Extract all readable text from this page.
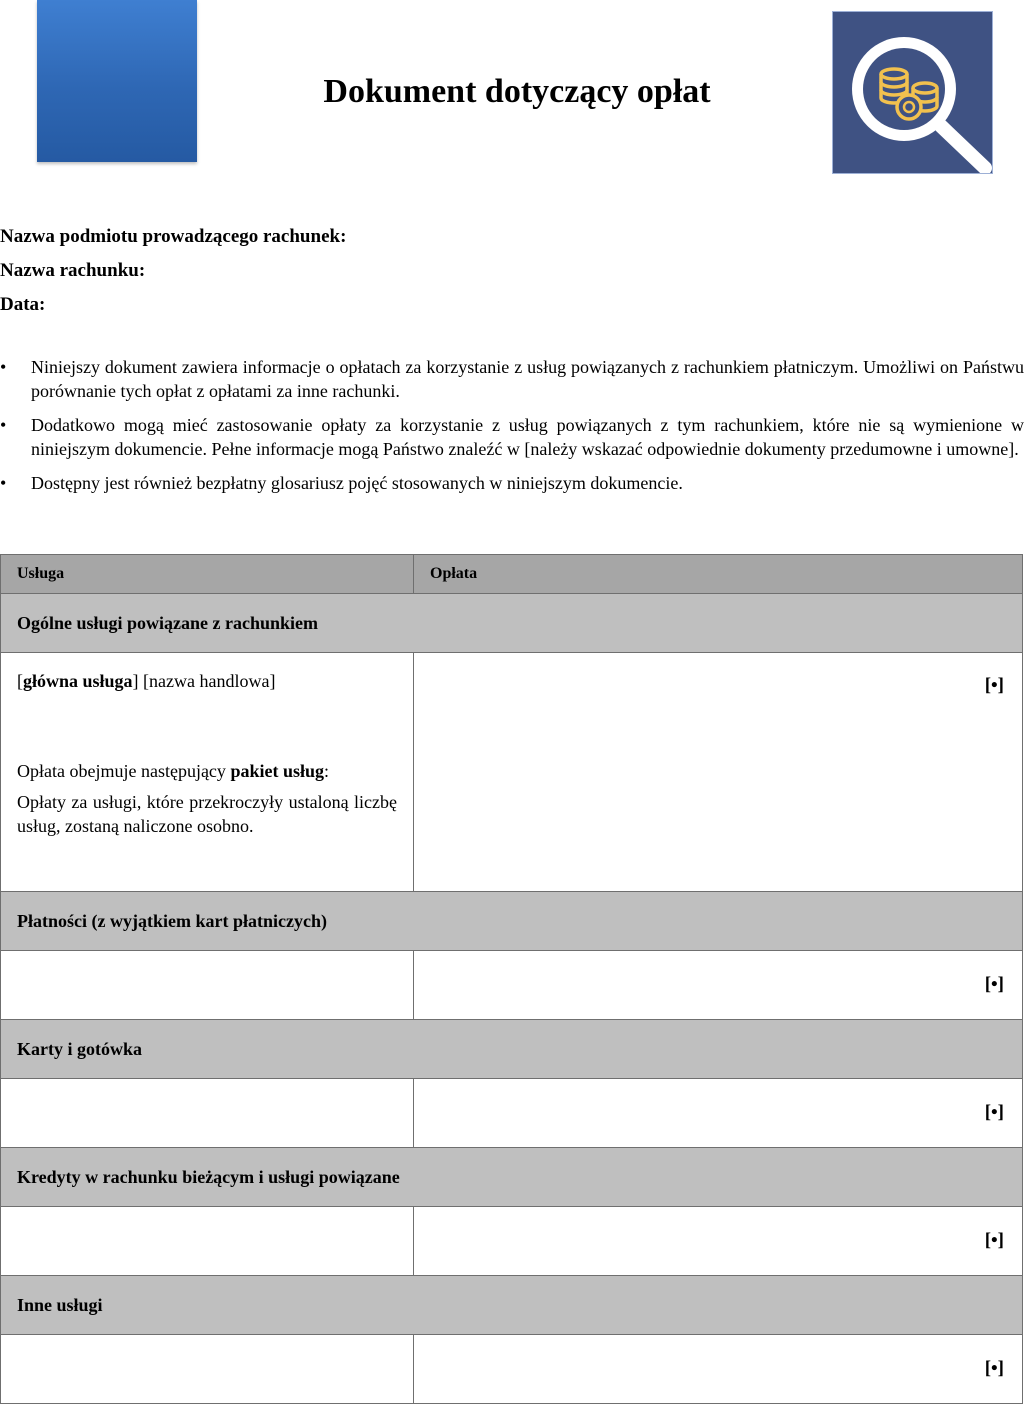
Dokument dotyczący opłat
Nazwa podmiotu prowadzącego rachunek:
Nazwa rachunku:
Data:
• Niniejszy dokument zawiera informacje o opłatach za korzystanie z usług powiązanych z rachunkiem płatniczym. Umożliwi on Państwu porównanie tych opłat z opłatami za inne rachunki.
• Dodatkowo mogą mieć zastosowanie opłaty za korzystanie z usług powiązanych z tym rachunkiem, które nie są wymienione w niniejszym dokumencie. Pełne informacje mogą Państwo znaleźć w [należy wskazać odpowiednie dokumenty przedumowne i umowne].
• Dostępny jest również bezpłatny glosariusz pojęć stosowanych w niniejszym dokumencie.
Usługa	Opłata
Ogólne usługi powiązane z rachunkiem	

[główna usługa] [nazwa handlowa]
Opłata obejmuje następujący pakiet usług:
Opłaty za usługi, które przekroczyły ustaloną liczbę usług, zostaną naliczone osobno.	[•]
Płatności (z wyjątkiem kart płatniczych)	
	[•]
Karty i gotówka	
	[•]
Kredyty w rachunku bieżącym i usługi powiązane	
	[•]
Inne usługi	
	[•]
